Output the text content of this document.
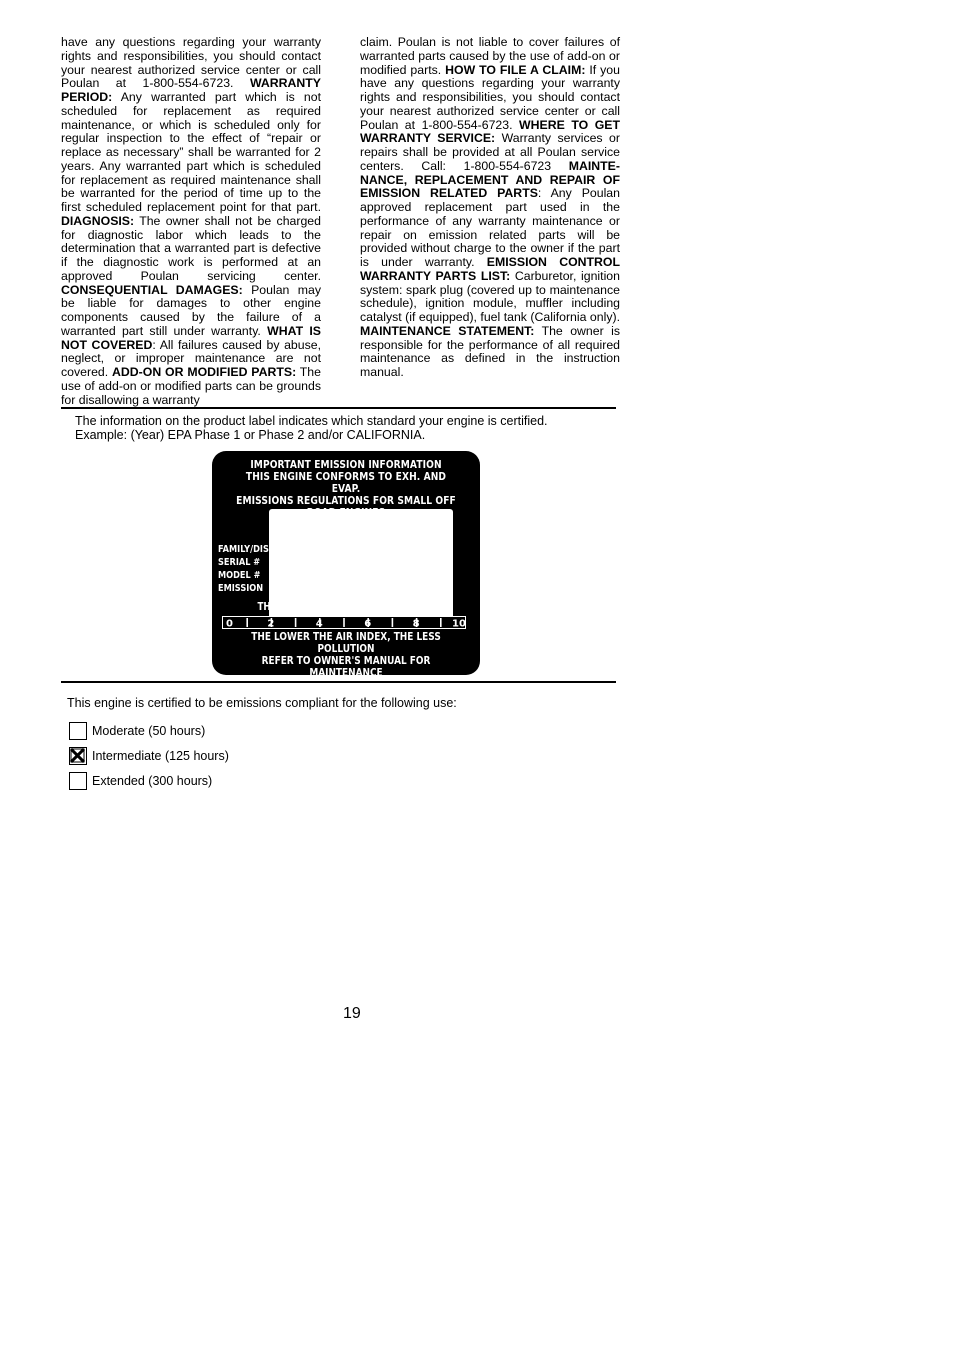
have any questions regarding your warranty rights and responsibilities, you should contact your nearest authorized service center or call Poulan at 1-800-554-6723. WARRANTY PERIOD: Any warranted part which is not scheduled for replacement as required maintenance, or which is scheduled only for regular inspection to the effect of “repair or replace as necessary” shall be warranted for 2 years. Any warranted part which is scheduled for replacement as required maintenance shall be warranted for the period of time up to the first scheduled replacement point for that part. DIAGNOSIS: The owner shall not be charged for diagnostic labor which leads to the determination that a warranted part is defective if the diagnostic work is performed at an approved Poulan servicing center. CONSEQUENTIAL DAMAGES: Poulan may be liable for damages to other engine components caused by the failure of a warranted part still under warranty. WHAT IS NOT COVERED: All failures caused by abuse, neglect, or improper maintenance are not covered. ADD-ON OR MODIFIED PARTS: The use of add-on or modified parts can be grounds for disallowing a warranty
claim. Poulan is not liable to cover failures of warranted parts caused by the use of add-on or modified parts. HOW TO FILE A CLAIM: If you have any questions regarding your warranty rights and responsibilities, you should contact your nearest authorized service center or call Poulan at 1-800-554-6723. WHERE TO GET WARRANTY SERVICE: Warranty services or repairs shall be provided at all Poulan service centers. Call: 1-800-554-6723 MAINTENANCE, REPLACEMENT AND REPAIR OF EMISSION RELATED PARTS: Any Poulan approved replacement part used in the performance of any warranty maintenance or repair on emission related parts will be provided without charge to the owner if the part is under warranty. EMISSION CONTROL WARRANTY PARTS LIST: Carburetor, ignition system: spark plug (covered up to maintenance schedule), ignition module, muffler including catalyst (if equipped), fuel tank (California only). MAINTENANCE STATEMENT: The owner is responsible for the performance of all required maintenance as defined in the instruction manual.
The information on the product label indicates which standard your engine is certified.
Example: (Year) EPA Phase 1 or Phase 2 and/or CALIFORNIA.
IMPORTANT EMISSION INFORMATION
THIS ENGINE CONFORMS TO EXH. AND EVAP.
EMISSIONS REGULATIONS FOR SMALL OFF
FAMILY/DISP.
SERIAL #
MODEL #
EMISSION
THE AIR INDEX OF THIS ENGINE IS 3
0	2	4	6	8	10
THE LOWER THE AIR INDEX, THE LESS POLLUTION
REFER TO OWNER'S MANUAL FOR MAINTENANCE
SPECIFICATIONS AND ADJUSTMENTS.
This engine is certified to be emissions compliant for the following use:
Moderate (50 hours)
Intermediate (125 hours)
Extended (300 hours)
19
